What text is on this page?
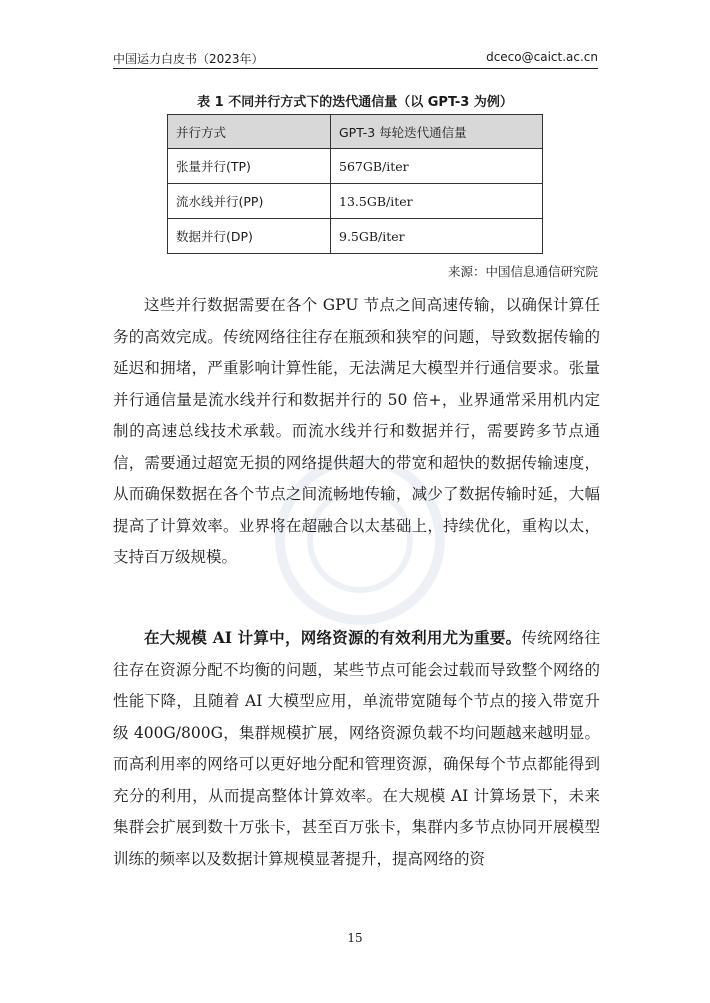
中国运力白皮书（2023年）	dceco@caict.ac.cn
表 1 不同并行方式下的迭代通信量（以 GPT-3 为例）
并行方式	GPT-3 每轮迭代通信量
张量并行(TP)	567GB/iter
流水线并行(PP)	13.5GB/iter
数据并行(DP)	9.5GB/iter
来源：中国信息通信研究院

这些并行数据需要在各个 GPU 节点之间高速传输，以确保计算任务的高效完成。传统网络往往存在瓶颈和狭窄的问题，导致数据传输的延迟和拥堵，严重影响计算性能，无法满足大模型并行通信要求。张量并行通信量是流水线并行和数据并行的 50 倍+，业界通常采用机内定制的高速总线技术承载。而流水线并行和数据并行，需要跨多节点通信，需要通过超宽无损的网络提供超大的带宽和超快的数据传输速度，从而确保数据在各个节点之间流畅地传输，减少了数据传输时延，大幅提高了计算效率。业界将在超融合以太基础上，持续优化，重构以太，支持百万级规模。

在大规模 AI 计算中，网络资源的有效利用尤为重要。传统网络往往存在资源分配不均衡的问题，某些节点可能会过载而导致整个网络的性能下降，且随着 AI 大模型应用，单流带宽随每个节点的接入带宽升级 400G/800G，集群规模扩展，网络资源负载不均问题越来越明显。而高利用率的网络可以更好地分配和管理资源，确保每个节点都能得到充分的利用，从而提高整体计算效率。在大规模 AI 计算场景下，未来集群会扩展到数十万张卡，甚至百万张卡，集群内多节点协同开展模型训练的频率以及数据计算规模显著提升，提高网络的资

15
